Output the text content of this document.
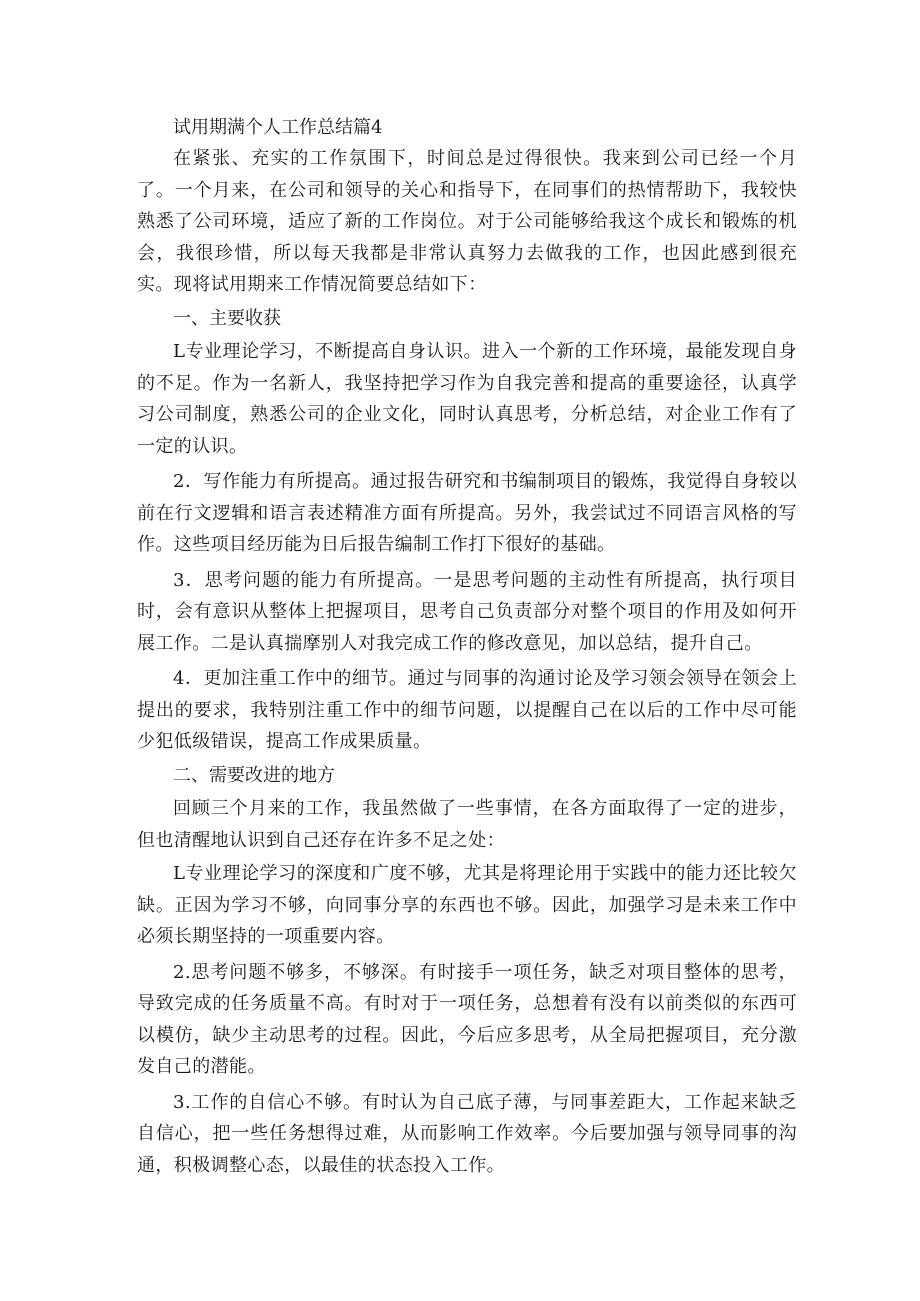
试用期满个人工作总结篇4

在紧张、充实的工作氛围下，时间总是过得很快。我来到公司已经一个月了。一个月来，在公司和领导的关心和指导下，在同事们的热情帮助下，我较快熟悉了公司环境，适应了新的工作岗位。对于公司能够给我这个成长和锻炼的机会，我很珍惜，所以每天我都是非常认真努力去做我的工作，也因此感到很充实。现将试用期来工作情况简要总结如下：

一、主要收获

L专业理论学习，不断提高自身认识。进入一个新的工作环境，最能发现自身的不足。作为一名新人，我坚持把学习作为自我完善和提高的重要途径，认真学习公司制度，熟悉公司的企业文化，同时认真思考，分析总结，对企业工作有了一定的认识。

2．写作能力有所提高。通过报告研究和书编制项目的锻炼，我觉得自身较以前在行文逻辑和语言表述精准方面有所提高。另外，我尝试过不同语言风格的写作。这些项目经历能为日后报告编制工作打下很好的基础。

3．思考问题的能力有所提高。一是思考问题的主动性有所提高，执行项目时，会有意识从整体上把握项目，思考自己负责部分对整个项目的作用及如何开展工作。二是认真揣摩别人对我完成工作的修改意见，加以总结，提升自己。

4．更加注重工作中的细节。通过与同事的沟通讨论及学习领会领导在领会上提出的要求，我特别注重工作中的细节问题，以提醒自己在以后的工作中尽可能少犯低级错误，提高工作成果质量。

二、需要改进的地方

回顾三个月来的工作，我虽然做了一些事情，在各方面取得了一定的进步，但也清醒地认识到自己还存在许多不足之处：

L专业理论学习的深度和广度不够，尤其是将理论用于实践中的能力还比较欠缺。正因为学习不够，向同事分享的东西也不够。因此，加强学习是未来工作中必须长期坚持的一项重要内容。

2.思考问题不够多，不够深。有时接手一项任务，缺乏对项目整体的思考，导致完成的任务质量不高。有时对于一项任务，总想着有没有以前类似的东西可以模仿，缺少主动思考的过程。因此，今后应多思考，从全局把握项目，充分激发自己的潜能。

3.工作的自信心不够。有时认为自己底子薄，与同事差距大，工作起来缺乏自信心，把一些任务想得过难，从而影响工作效率。今后要加强与领导同事的沟通，积极调整心态，以最佳的状态投入工作。
